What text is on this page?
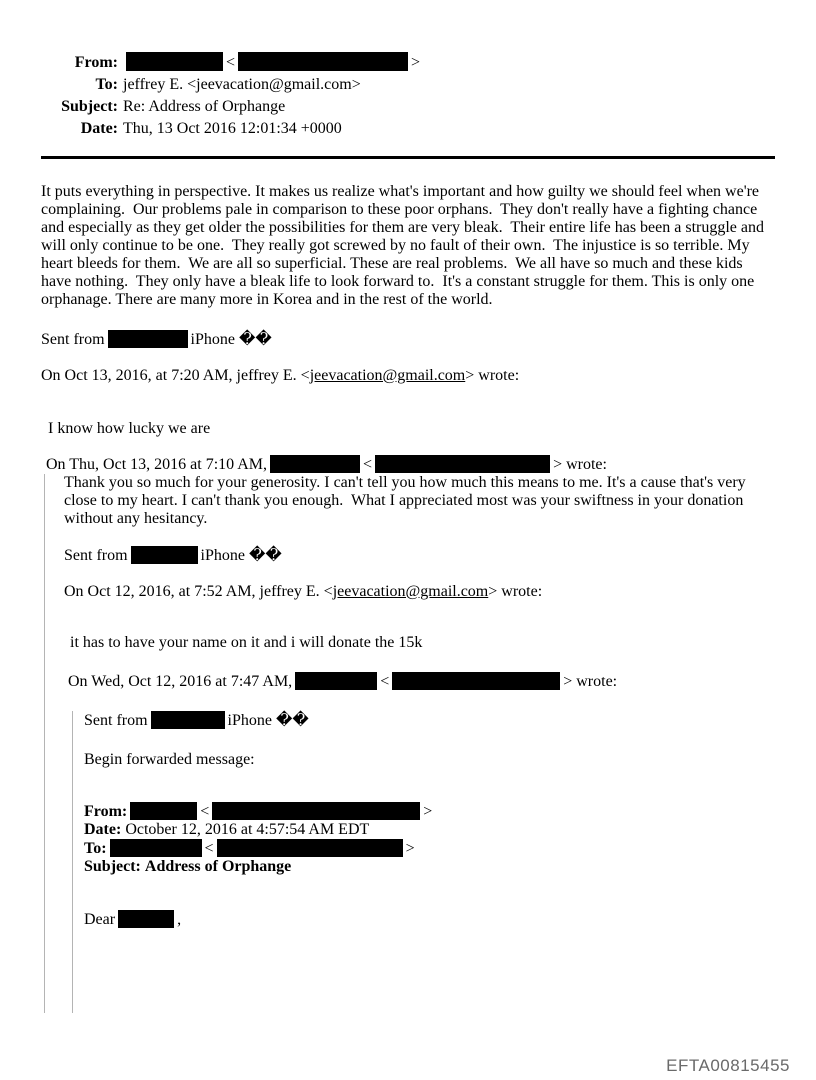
From:	<	>
To: jeffrey E. <jeevacation@gmail.com>
Subject: Re: Address of Orphange
Date: Thu, 13 Oct 2016 12:01:34 +0000

It puts everything in perspective. It makes us realize what's important and how guilty we should feel when we're complaining.  Our problems pale in comparison to these poor orphans.  They don't really have a fighting chance and especially as they get older the possibilities for them are very bleak.  Their entire life has been a struggle and will only continue to be one.  They really got screwed by no fault of their own.  The injustice is so terrible. My heart bleeds for them.  We are all so superficial. These are real problems.  We all have so much and these kids have nothing.  They only have a bleak life to look forward to.  It's a constant struggle for them. This is only one orphanage. There are many more in Korea and in the rest of the world.

Sent from	iPhone ��

On Oct 13, 2016, at 7:20 AM, jeffrey E. <jeevacation@gmail.com> wrote:

I know how lucky we are

On Thu, Oct 13, 2016 at 7:10 AM,	<	> wrote:

Thank you so much for your generosity. I can't tell you how much this means to me. It's a cause that's very close to my heart. I can't thank you enough.  What I appreciated most was your swiftness in your donation without any hesitancy.

Sent from	iPhone ��

On Oct 12, 2016, at 7:52 AM, jeffrey E. <jeevacation@gmail.com> wrote:

it has to have your name on it and i will donate the 15k

On Wed, Oct 12, 2016 at 7:47 AM,	<	> wrote:

Sent from	iPhone ��

Begin forwarded message:

From:	<	>

Date: October 12, 2016 at 4:57:54 AM EDT

To:	<	>

Subject: Address of Orphange

Dear	,

EFTA00815455
